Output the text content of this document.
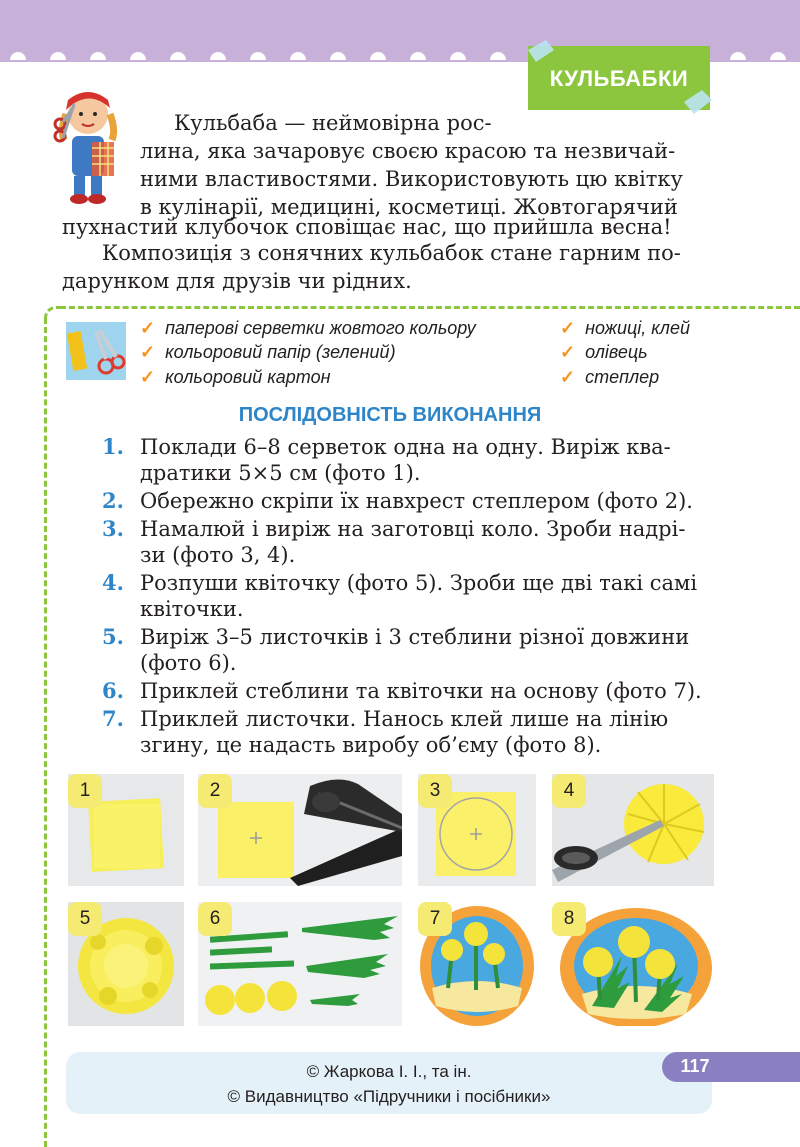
КУЛЬБАБКИ
Кульбаба — неймовірна рос-
лина, яка зачаровує своєю красою та незвичай-
ними властивостями. Використовують цю квітку
в кулінарії, медицині, косметиці. Жовтогарячий
пухнастий клубочок сповіщає нас, що прийшла весна!
Композиція з сонячних кульбабок стане гарним по-
дарунком для друзів чи рідних.
✓ паперові серветки жовтого кольору
✓ кольоровий папір (зелений)
✓ кольоровий картон
✓ ножиці, клей
✓ олівець
✓ степлер
ПОСЛІДОВНІСТЬ ВИКОНАННЯ
1. Поклади 6–8 серветок одна на одну. Виріж ква-
дратики 5×5 см (фото 1).
2. Обережно скріпи їх навхрест степлером (фото 2).
3. Намалюй і виріж на заготовці коло. Зроби надрі-
зи (фото 3, 4).
4. Розпуши квіточку (фото 5). Зроби ще дві такі самі
квіточки.
5. Виріж 3–5 листочків і 3 стеблини різної довжини
(фото 6).
6. Приклей стеблини та квіточки на основу (фото 7).
7. Приклей листочки. Нанось клей лише на лінію
згину, це надасть виробу об’єму (фото 8).
1	2	3	4
5	6	7	8
© Жаркова І. І., та ін.
© Видавництво «Підручники і посібники»
117
